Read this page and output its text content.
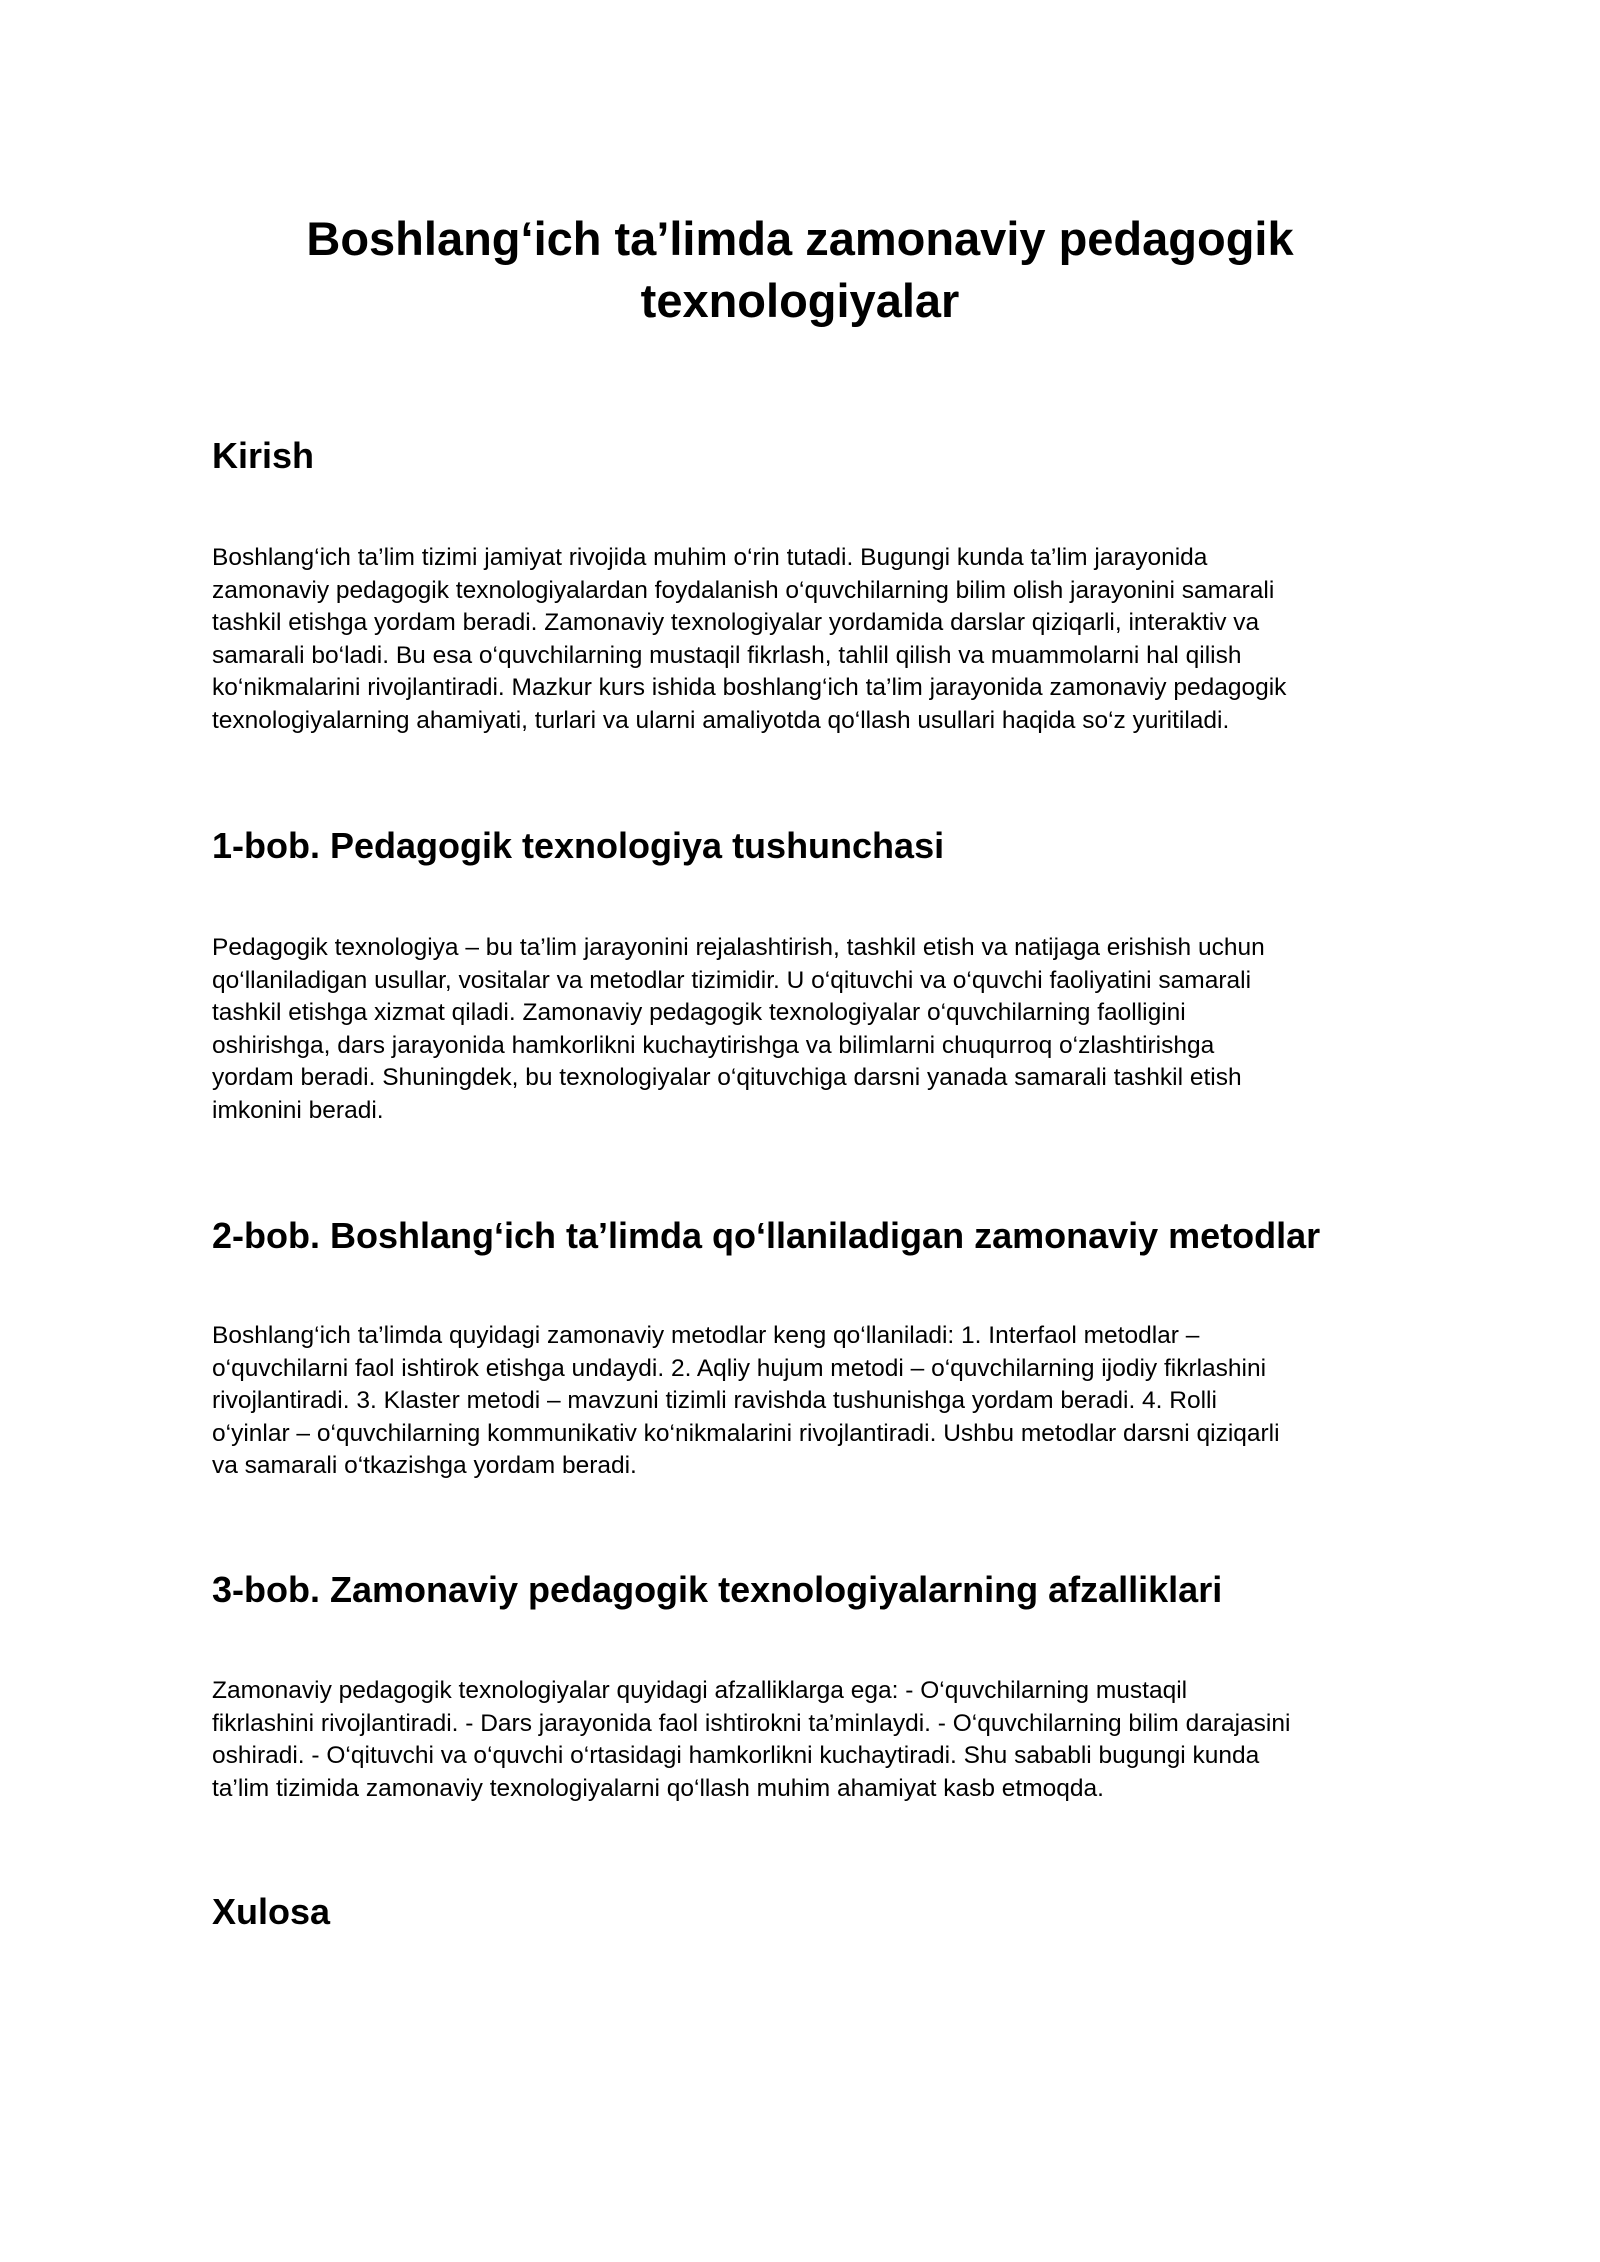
Boshlang‘ich ta’limda zamonaviy pedagogik texnologiyalar
Kirish
Boshlang‘ich ta’lim tizimi jamiyat rivojida muhim o‘rin tutadi. Bugungi kunda ta’lim jarayonida
zamonaviy pedagogik texnologiyalardan foydalanish o‘quvchilarning bilim olish jarayonini samarali
tashkil etishga yordam beradi. Zamonaviy texnologiyalar yordamida darslar qiziqarli, interaktiv va
samarali bo‘ladi. Bu esa o‘quvchilarning mustaqil fikrlash, tahlil qilish va muammolarni hal qilish
ko‘nikmalarini rivojlantiradi. Mazkur kurs ishida boshlang‘ich ta’lim jarayonida zamonaviy pedagogik
texnologiyalarning ahamiyati, turlari va ularni amaliyotda qo‘llash usullari haqida so‘z yuritiladi.
1-bob. Pedagogik texnologiya tushunchasi
Pedagogik texnologiya – bu ta’lim jarayonini rejalashtirish, tashkil etish va natijaga erishish uchun
qo‘llaniladigan usullar, vositalar va metodlar tizimidir. U o‘qituvchi va o‘quvchi faoliyatini samarali
tashkil etishga xizmat qiladi. Zamonaviy pedagogik texnologiyalar o‘quvchilarning faolligini
oshirishga, dars jarayonida hamkorlikni kuchaytirishga va bilimlarni chuqurroq o‘zlashtirishga
yordam beradi. Shuningdek, bu texnologiyalar o‘qituvchiga darsni yanada samarali tashkil etish
imkonini beradi.
2-bob. Boshlang‘ich ta’limda qo‘llaniladigan zamonaviy metodlar
Boshlang‘ich ta’limda quyidagi zamonaviy metodlar keng qo‘llaniladi: 1. Interfaol metodlar –
o‘quvchilarni faol ishtirok etishga undaydi. 2. Aqliy hujum metodi – o‘quvchilarning ijodiy fikrlashini
rivojlantiradi. 3. Klaster metodi – mavzuni tizimli ravishda tushunishga yordam beradi. 4. Rolli
o‘yinlar – o‘quvchilarning kommunikativ ko‘nikmalarini rivojlantiradi. Ushbu metodlar darsni qiziqarli
va samarali o‘tkazishga yordam beradi.
3-bob. Zamonaviy pedagogik texnologiyalarning afzalliklari
Zamonaviy pedagogik texnologiyalar quyidagi afzalliklarga ega: - O‘quvchilarning mustaqil
fikrlashini rivojlantiradi. - Dars jarayonida faol ishtirokni ta’minlaydi. - O‘quvchilarning bilim darajasini
oshiradi. - O‘qituvchi va o‘quvchi o‘rtasidagi hamkorlikni kuchaytiradi. Shu sababli bugungi kunda
ta’lim tizimida zamonaviy texnologiyalarni qo‘llash muhim ahamiyat kasb etmoqda.
Xulosa
